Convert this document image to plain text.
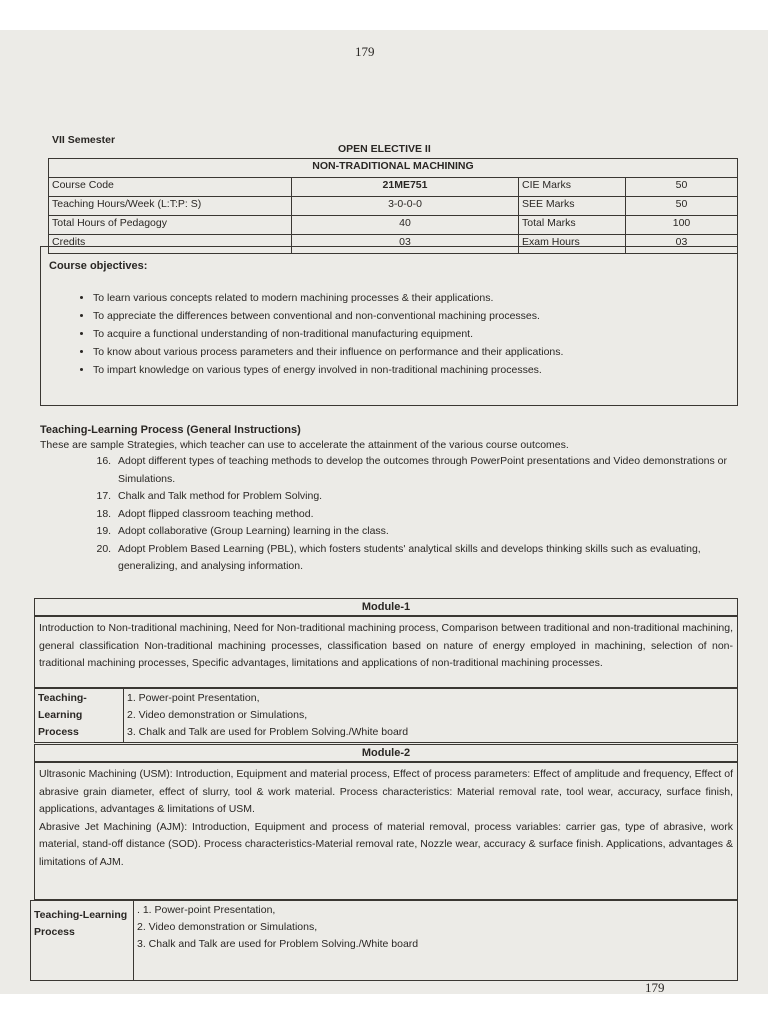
179
VII Semester
OPEN ELECTIVE II
NON-TRADITIONAL MACHINING			
Course Code	21ME751	CIE Marks	50
Teaching Hours/Week (L:T:P: S)	3-0-0-0	SEE Marks	50
Total Hours of Pedagogy	40	Total Marks	100
Credits	03	Exam Hours	03
Course objectives:
• To learn various concepts related to modern machining processes & their applications.
• To appreciate the differences between conventional and non-conventional machining processes.
• To acquire a functional understanding of non-traditional manufacturing equipment.
• To know about various process parameters and their influence on performance and their applications.
• To impart knowledge on various types of energy involved in non-traditional machining processes.
Teaching-Learning Process (General Instructions)
These are sample Strategies, which teacher can use to accelerate the attainment of the various course outcomes.
16. Adopt different types of teaching methods to develop the outcomes through PowerPoint presentations and Video demonstrations or Simulations.
17. Chalk and Talk method for Problem Solving.
18. Adopt flipped classroom teaching method.
19. Adopt collaborative (Group Learning) learning in the class.
20. Adopt Problem Based Learning (PBL), which fosters students' analytical skills and develops thinking skills such as evaluating, generalizing, and analysing information.
Module-1
Introduction to Non-traditional machining, Need for Non-traditional machining process, Comparison between traditional and non-traditional machining, general classification Non-traditional machining processes, classification based on nature of energy employed in machining, selection of non-traditional machining processes, Specific advantages, limitations and applications of non-traditional machining processes.
Teaching-Learning Process	
1. Power-point Presentation,
2. Video demonstration or Simulations,
3. Chalk and Talk are used for Problem Solving./White board
Module-2
Ultrasonic Machining (USM): Introduction, Equipment and material process, Effect of process parameters: Effect of amplitude and frequency, Effect of abrasive grain diameter, effect of slurry, tool & work material. Process characteristics: Material removal rate, tool wear, accuracy, surface finish, applications, advantages & limitations of USM.
Abrasive Jet Machining (AJM): Introduction, Equipment and process of material removal, process variables: carrier gas, type of abrasive, work material, stand-off distance (SOD). Process characteristics-Material removal rate, Nozzle wear, accuracy & surface finish. Applications, advantages & limitations of AJM.
Teaching-Learning Process	
. 1. Power-point Presentation,
2. Video demonstration or Simulations,
3. Chalk and Talk are used for Problem Solving./White board
179
